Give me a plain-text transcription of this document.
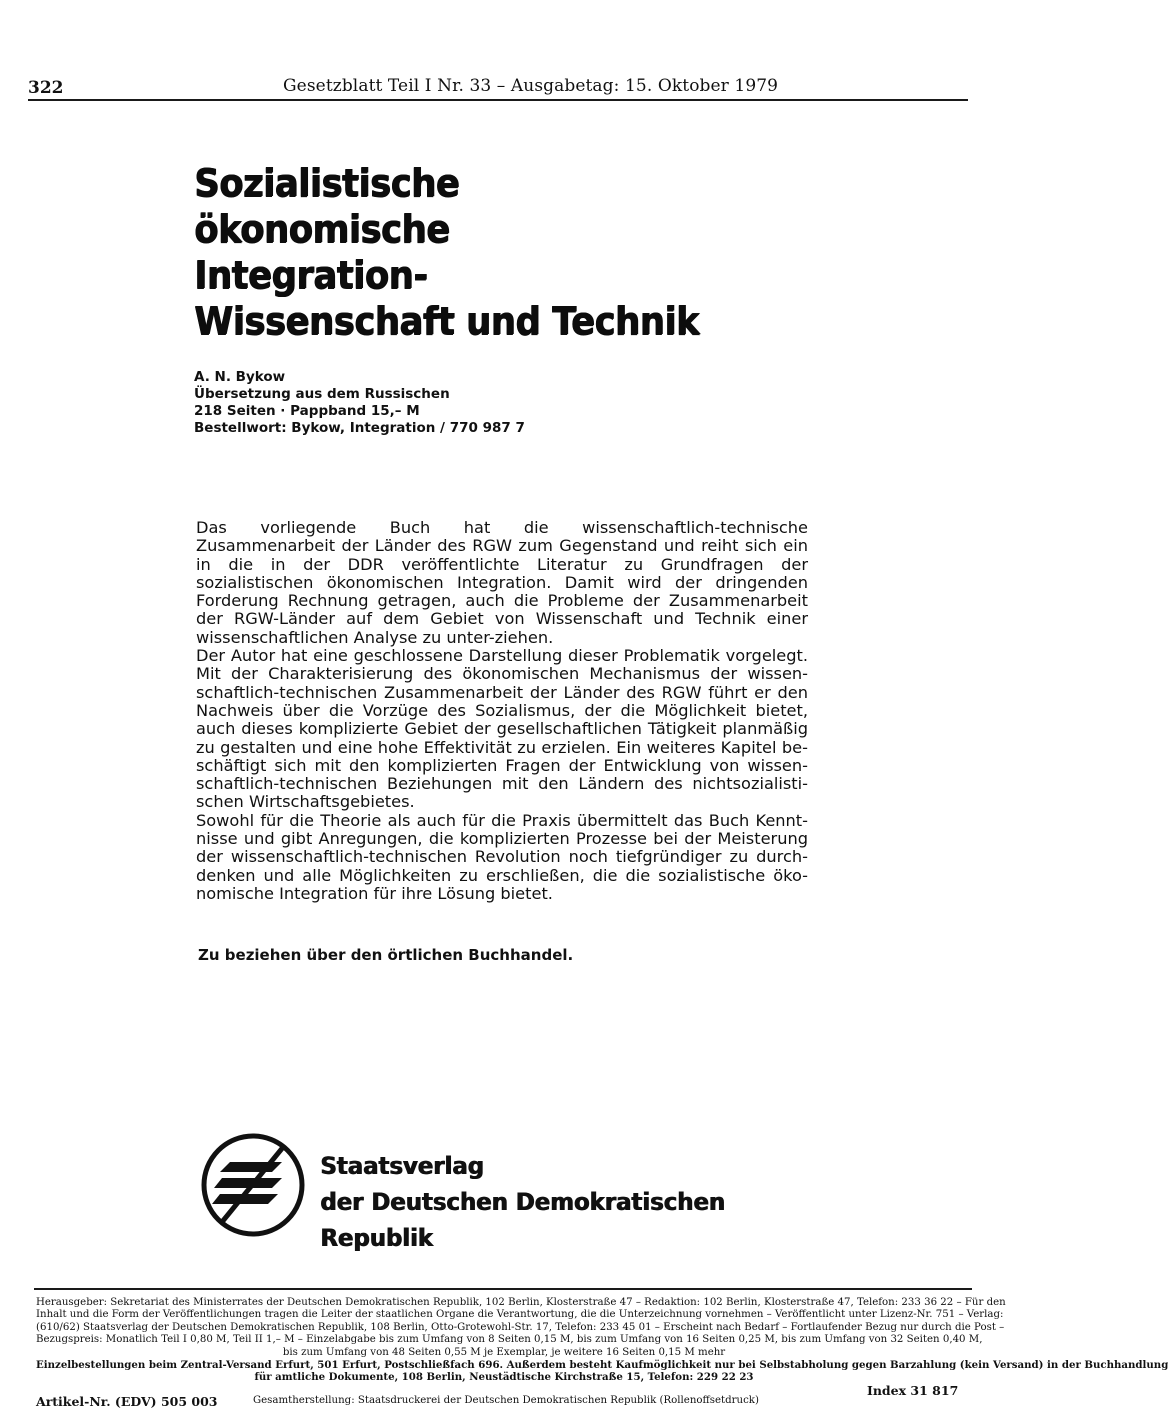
322	Gesetzblatt Teil I Nr. 33 – Ausgabetag: 15. Oktober 1979
Sozialistische ökonomische
Integration-
Wissenschaft und Technik
A. N. Bykow
Übersetzung aus dem Russischen
218 Seiten · Pappband 15,– M
Bestellwort: Bykow, Integration / 770 987 7

Das vorliegende Buch hat die wissenschaftlich-technische Zusammenarbeit der Länder des RGW zum Gegenstand und reiht sich ein in die in der DDR veröffentlichte Literatur zu Grundfragen der sozialistischen ökonomischen Integration. Damit wird der dringenden Forderung Rechnung getragen, auch die Probleme der Zusammenarbeit der RGW-Länder auf dem Gebiet von Wissenschaft und Technik einer wissenschaftlichen Analyse zu unter-ziehen.

Der Autor hat eine geschlossene Darstellung dieser Problematik vorgelegt. Mit der Charakterisierung des ökonomischen Mechanismus der wissen-schaftlich-technischen Zusammenarbeit der Länder des RGW führt er den Nachweis über die Vorzüge des Sozialismus, der die Möglichkeit bietet, auch dieses komplizierte Gebiet der gesellschaftlichen Tätigkeit planmäßig zu gestalten und eine hohe Effektivität zu erzielen. Ein weiteres Kapitel be-schäftigt sich mit den komplizierten Fragen der Entwicklung von wissen-schaftlich-technischen Beziehungen mit den Ländern des nichtsozialisti-schen Wirtschaftsgebietes.

Sowohl für die Theorie als auch für die Praxis übermittelt das Buch Kennt-nisse und gibt Anregungen, die komplizierten Prozesse bei der Meisterung der wissenschaftlich-technischen Revolution noch tiefgründiger zu durch-denken und alle Möglichkeiten zu erschließen, die die sozialistische öko-nomische Integration für ihre Lösung bietet.

Zu beziehen über den örtlichen Buchhandel.
Staatsverlag
der Deutschen Demokratischen
Republik
Herausgeber: Sekretariat des Ministerrates der Deutschen Demokratischen Republik, 102 Berlin, Klosterstraße 47 – Redaktion: 102 Berlin, Klosterstraße 47, Telefon: 233 36 22 – Für den
Inhalt und die Form der Veröffentlichungen tragen die Leiter der staatlichen Organe die Verantwortung, die die Unterzeichnung vornehmen – Veröffentlicht unter Lizenz-Nr. 751 – Verlag:
(610/62) Staatsverlag der Deutschen Demokratischen Republik, 108 Berlin, Otto-Grotewohl-Str. 17, Telefon: 233 45 01 – Erscheint nach Bedarf – Fortlaufender Bezug nur durch die Post –
Bezugspreis: Monatlich Teil I 0,80 M, Teil II 1,– M – Einzelabgabe bis zum Umfang von 8 Seiten 0,15 M, bis zum Umfang von 16 Seiten 0,25 M, bis zum Umfang von 32 Seiten 0,40 M,
bis zum Umfang von 48 Seiten 0,55 M je Exemplar, je weitere 16 Seiten 0,15 M mehr
Einzelbestellungen beim Zentral-Versand Erfurt, 501 Erfurt, Postschließfach 696. Außerdem besteht Kaufmöglichkeit nur bei Selbstabholung gegen Barzahlung (kein Versand) in der Buchhandlung
für amtliche Dokumente, 108 Berlin, Neustädtische Kirchstraße 15, Telefon: 229 22 23
Artikel-Nr. (EDV) 505 003	Gesamtherstellung: Staatsdruckerei der Deutschen Demokratischen Republik (Rollenoffsetdruck)
Index 31 817
